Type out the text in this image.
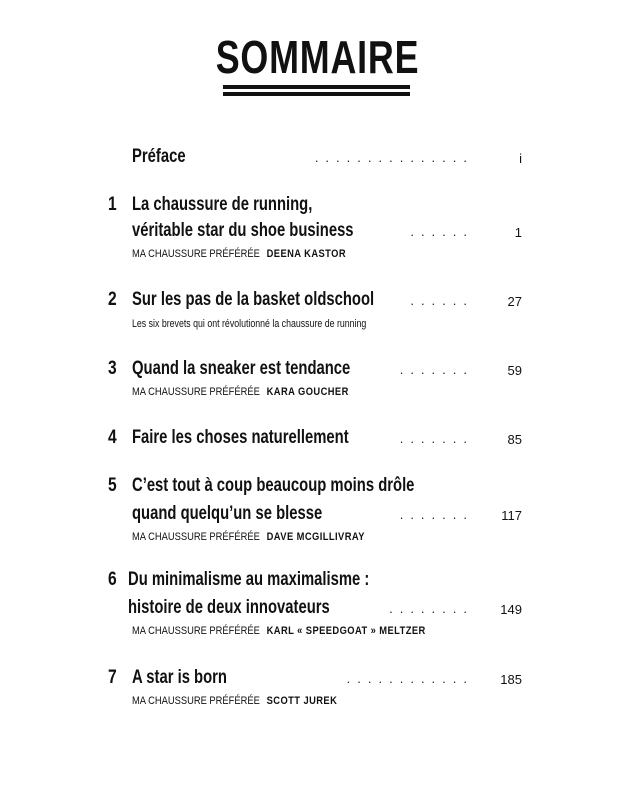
SOMMAIRE
Préface	...............	i
1 La chaussure de running,
véritable star du shoe business	......	1
MA CHAUSSURE PRÉFÉRÉE DEENA KASTOR
2 Sur les pas de la basket oldschool	......	27
Les six brevets qui ont révolutionné la chaussure de running
3 Quand la sneaker est tendance	.......	59
MA CHAUSSURE PRÉFÉRÉE KARA GOUCHER
4 Faire les choses naturellement	.......	85
5 C’est tout à coup beaucoup moins drôle
quand quelqu’un se blesse	.......	117
MA CHAUSSURE PRÉFÉRÉE DAVE MCGILLIVRAY
6 Du minimalisme au maximalisme :
histoire de deux innovateurs	........	149
MA CHAUSSURE PRÉFÉRÉE KARL « SPEEDGOAT » MELTZER
7 A star is born	............	185
MA CHAUSSURE PRÉFÉRÉE SCOTT JUREK
